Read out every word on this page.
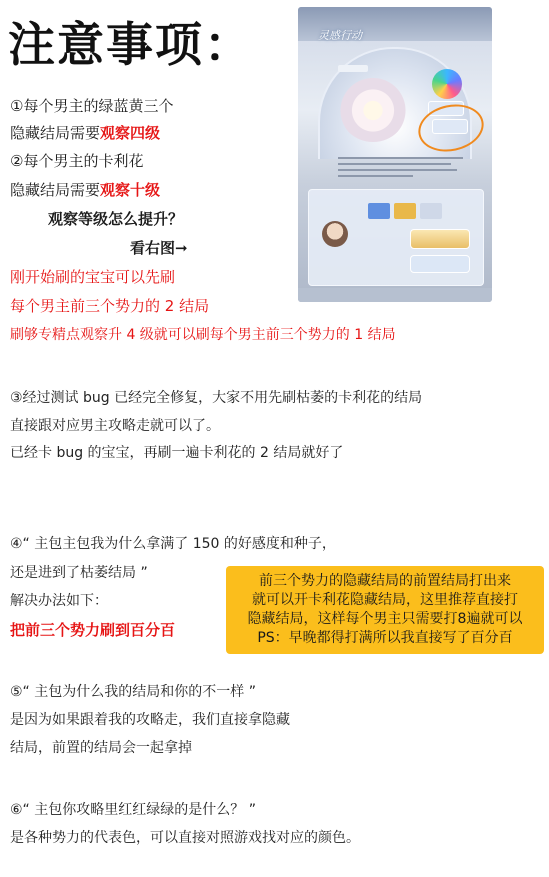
注意事项：
①每个男主的绿蓝黄三个
隐藏结局需要观察四级
②每个男主的卡利花
隐藏结局需要观察十级
观察等级怎么提升？
看右图➞
刚开始刷的宝宝可以先刷
每个男主前三个势力的 2 结局
刷够专精点观察升 4 级就可以刷每个男主前三个势力的 1 结局
③经过测试 bug 已经完全修复，大家不用先刷枯萎的卡利花的结局
直接跟对应男主攻略走就可以了。
已经卡 bug 的宝宝，再刷一遍卡利花的 2 结局就好了
④“ 主包主包我为什么拿满了 150 的好感度和种子，
还是进到了枯萎结局 ”
解决办法如下：
把前三个势力刷到百分百
⑤“ 主包为什么我的结局和你的不一样 ”
是因为如果跟着我的攻略走，我们直接拿隐藏
结局，前置的结局会一起拿掉
⑥“ 主包你攻略里红红绿绿的是什么？ ”
是各种势力的代表色，可以直接对照游戏找对应的颜色。
灵感行动
前三个势力的隐藏结局的前置结局打出来
就可以开卡利花隐藏结局，这里推荐直接打
隐藏结局，这样每个男主只需要打8遍就可以
PS：早晚都得打满所以我直接写了百分百
